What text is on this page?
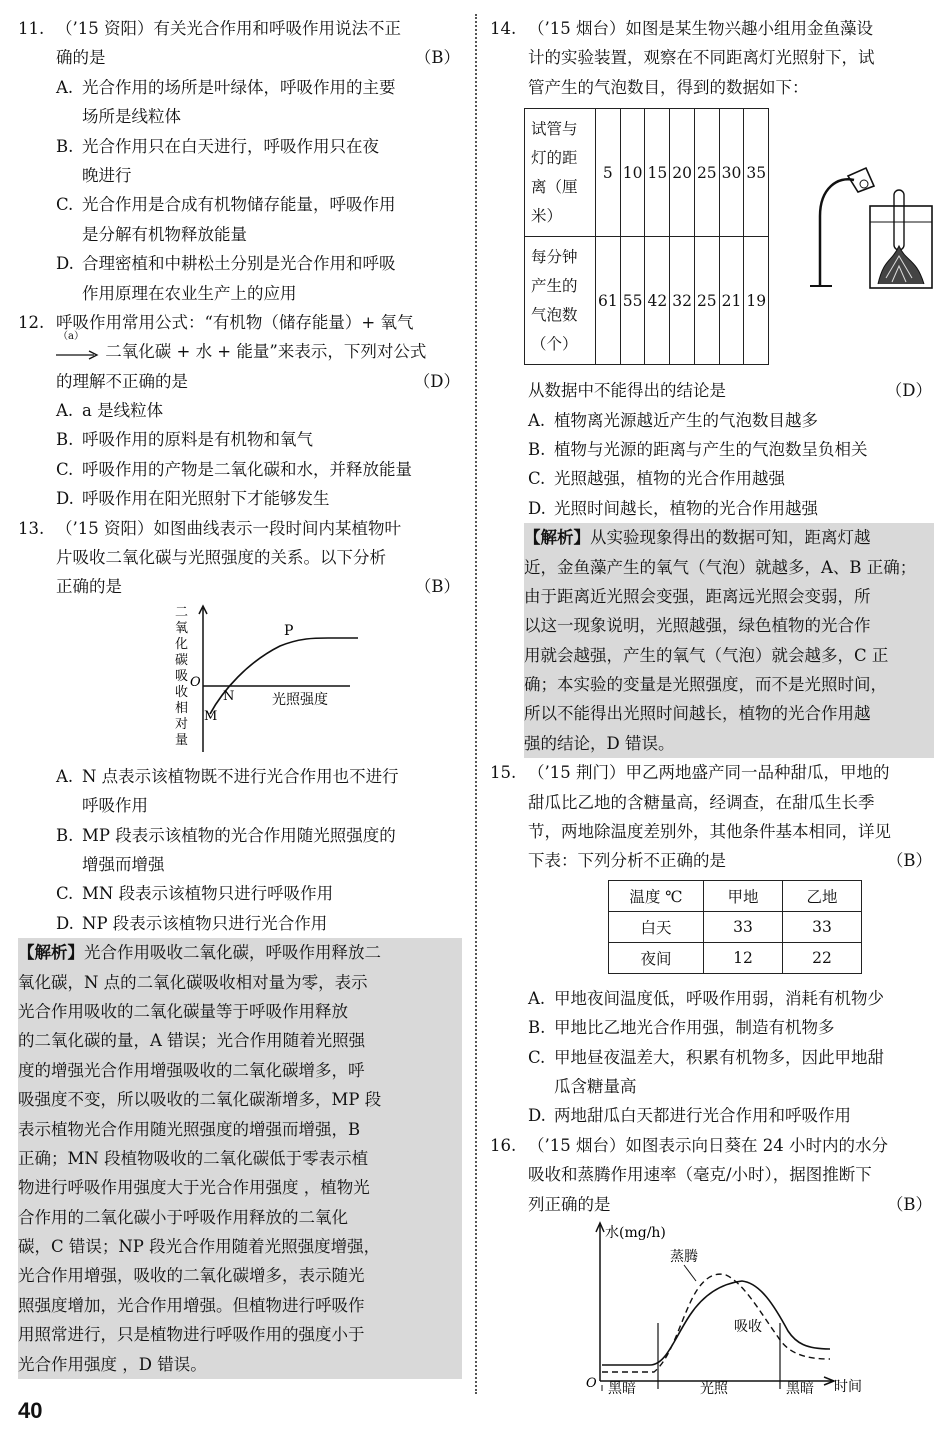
11. （’15 资阳）有关光合作用和呼吸作用说法不正
确的是	（B）
A. 光合作用的场所是叶绿体，呼吸作用的主要
场所是线粒体
B. 光合作用只在白天进行，呼吸作用只在夜
晚进行
C. 光合作用是合成有机物储存能量，呼吸作用
是分解有机物释放能量
D. 合理密植和中耕松土分别是光合作用和呼吸
作用原理在农业生产上的应用
12. 呼吸作用常用公式：“有机物（储存能量）+ 氧气
（a）
二氧化碳 + 水 + 能量”来表示，下列对公式
的理解不正确的是	（D）
A. a 是线粒体
B. 呼吸作用的原料是有机物和氧气
C. 呼吸作用的产物是二氧化碳和水，并释放能量
D. 呼吸作用在阳光照射下才能够发生
13. （’15 资阳）如图曲线表示一段时间内某植物叶
片吸收二氧化碳与光照强度的关系。以下分析
正确的是	（B）
二
氧
化
碳
吸
收
相
对
量
O
P
N
M
光照强度
A. N 点表示该植物既不进行光合作用也不进行
呼吸作用
B. MP 段表示该植物的光合作用随光照强度的
增强而增强
C. MN 段表示该植物只进行呼吸作用
D. NP 段表示该植物只进行光合作用
【解析】光合作用吸收二氧化碳，呼吸作用释放二
氧化碳，N 点的二氧化碳吸收相对量为零，表示
光合作用吸收的二氧化碳量等于呼吸作用释放
的二氧化碳的量，A 错误；光合作用随着光照强
度的增强光合作用增强吸收的二氧化碳增多，呼
吸强度不变，所以吸收的二氧化碳渐增多，MP 段
表示植物光合作用随光照强度的增强而增强，B
正确；MN 段植物吸收的二氧化碳低于零表示植
物进行呼吸作用强度大于光合作用强度 ，植物光
合作用的二氧化碳小于呼吸作用释放的二氧化
碳，C 错误；NP 段光合作用随着光照强度增强，
光合作用增强，吸收的二氧化碳增多，表示随光
照强度增加，光合作用增强。但植物进行呼吸作
用照常进行，只是植物进行呼吸作用的强度小于
光合作用强度 ，D 错误。
14. （’15 烟台）如图是某生物兴趣小组用金鱼藻设
计的实验装置，观察在不同距离灯光照射下，试
管产生的气泡数目，得到的数据如下：
试管与灯的距离（厘米）	5	10	15	20	25	30	35
每分钟产生的气泡数（个）	61	55	42	32	25	21	19
从数据中不能得出的结论是	（D）
A. 植物离光源越近产生的气泡数目越多
B. 植物与光源的距离与产生的气泡数呈负相关
C. 光照越强，植物的光合作用越强
D. 光照时间越长，植物的光合作用越强
【解析】从实验现象得出的数据可知，距离灯越
近，金鱼藻产生的氧气（气泡）就越多，A、B 正确；
由于距离近光照会变强，距离远光照会变弱，所
以这一现象说明，光照越强，绿色植物的光合作
用就会越强，产生的氧气（气泡）就会越多，C 正
确；本实验的变量是光照强度，而不是光照时间，
所以不能得出光照时间越长，植物的光合作用越
强的结论，D 错误。
15. （’15 荆门）甲乙两地盛产同一品种甜瓜，甲地的
甜瓜比乙地的含糖量高，经调查，在甜瓜生长季
节，两地除温度差别外，其他条件基本相同，详见
下表：下列分析不正确的是	（B）
温度 ℃	甲地	乙地
白天	33	33
夜间	12	22
A. 甲地夜间温度低，呼吸作用弱，消耗有机物少
B. 甲地比乙地光合作用强，制造有机物多
C. 甲地昼夜温差大，积累有机物多，因此甲地甜
瓜含糖量高
D. 两地甜瓜白天都进行光合作用和呼吸作用
16. （’15 烟台）如图表示向日葵在 24 小时内的水分
吸收和蒸腾作用速率（毫克/小时），据图推断下
列正确的是	（B）
水(mg/h)
O
蒸腾
吸收
黑暗	光照	黑暗 时间
40
